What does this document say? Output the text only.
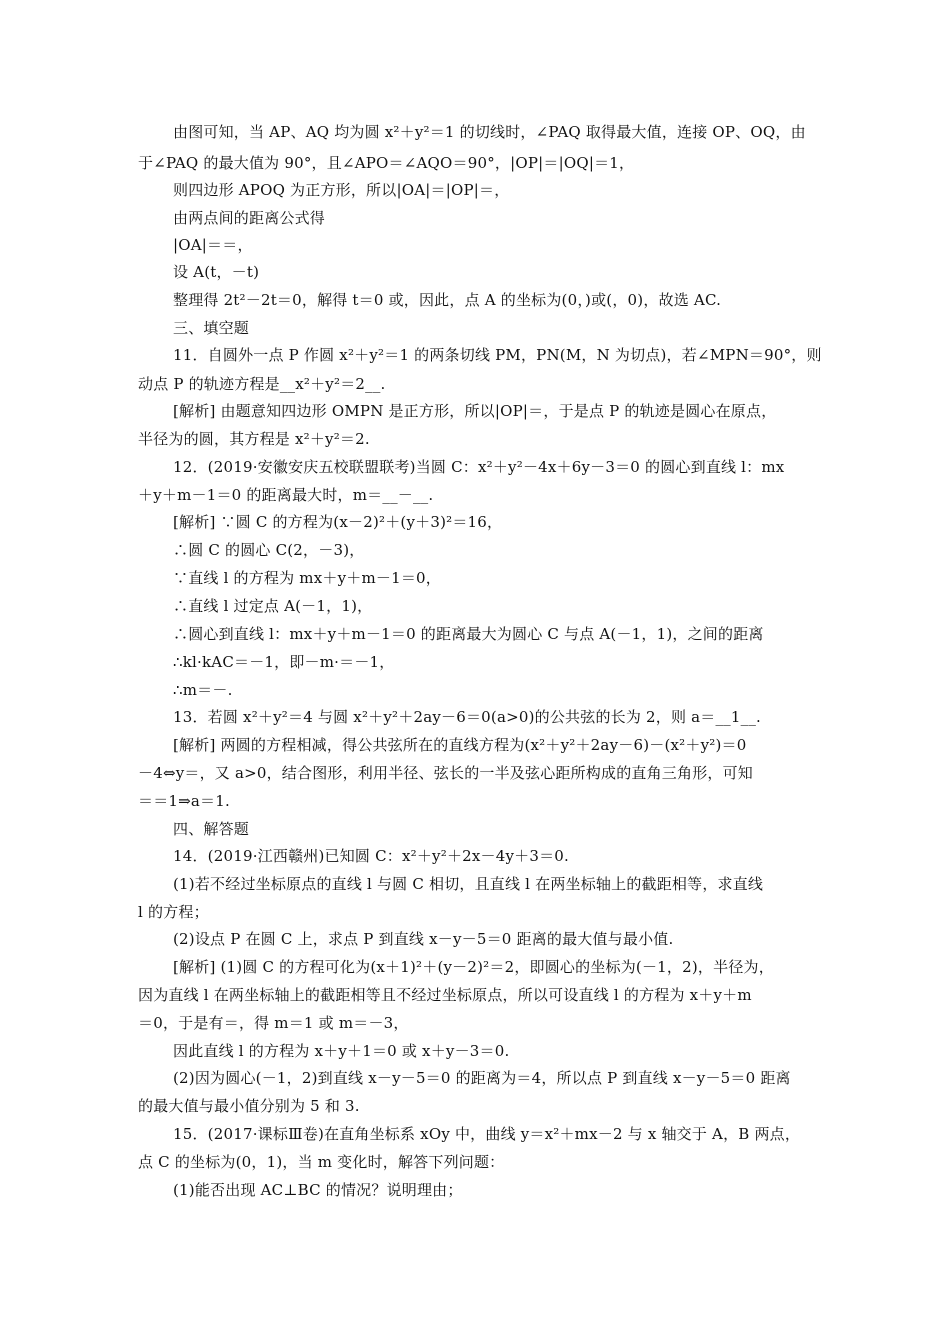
由图可知，当 AP、AQ 均为圆 x²＋y²＝1 的切线时，∠PAQ 取得最大值，连接 OP、OQ，由
于∠PAQ 的最大值为 90°，且∠APO＝∠AQO＝90°，|OP|＝|OQ|＝1，
则四边形 APOQ 为正方形，所以|OA|＝|OP|＝，
由两点间的距离公式得
|OA|＝＝，
设 A(t，－t)
整理得 2t²－2t＝0，解得 t＝0 或，因此，点 A 的坐标为(0，)或(，0)，故选 AC.
三、填空题
11．自圆外一点 P 作圆 x²＋y²＝1 的两条切线 PM，PN(M，N 为切点)，若∠MPN＝90°，则
动点 P 的轨迹方程是__x²＋y²＝2__.
[解析] 由题意知四边形 OMPN 是正方形，所以|OP|＝，于是点 P 的轨迹是圆心在原点，
半径为的圆，其方程是 x²＋y²＝2.
12．(2019·安徽安庆五校联盟联考)当圆 C：x²＋y²－4x＋6y－3＝0 的圆心到直线 l：mx
＋y＋m－1＝0 的距离最大时，m＝__－__.
[解析] ∵圆 C 的方程为(x－2)²＋(y＋3)²＝16，
∴圆 C 的圆心 C(2，－3)，
∵直线 l 的方程为 mx＋y＋m－1＝0，
∴直线 l 过定点 A(－1，1)，
∴圆心到直线 l：mx＋y＋m－1＝0 的距离最大为圆心 C 与点 A(－1，1)，之间的距离
∴kl·kAC＝－1，即－m·＝－1，
∴m＝－.
13．若圆 x²＋y²＝4 与圆 x²＋y²＋2ay－6＝0(a>0)的公共弦的长为 2，则 a＝__1__.
[解析] 两圆的方程相减，得公共弦所在的直线方程为(x²＋y²＋2ay－6)－(x²＋y²)＝0
－4⇔y＝，又 a>0，结合图形，利用半径、弦长的一半及弦心距所构成的直角三角形，可知
＝＝1⇒a＝1.
四、解答题
14．(2019·江西赣州)已知圆 C：x²＋y²＋2x－4y＋3＝0.
(1)若不经过坐标原点的直线 l 与圆 C 相切，且直线 l 在两坐标轴上的截距相等，求直线
l 的方程；
(2)设点 P 在圆 C 上，求点 P 到直线 x－y－5＝0 距离的最大值与最小值.
[解析] (1)圆 C 的方程可化为(x＋1)²＋(y－2)²＝2，即圆心的坐标为(－1，2)，半径为，
因为直线 l 在两坐标轴上的截距相等且不经过坐标原点，所以可设直线 l 的方程为 x＋y＋m
＝0，于是有＝，得 m＝1 或 m＝－3，
因此直线 l 的方程为 x＋y＋1＝0 或 x＋y－3＝0.
(2)因为圆心(－1，2)到直线 x－y－5＝0 的距离为＝4，所以点 P 到直线 x－y－5＝0 距离
的最大值与最小值分别为 5 和 3.
15．(2017·课标Ⅲ卷)在直角坐标系 xOy 中，曲线 y＝x²＋mx－2 与 x 轴交于 A，B 两点，
点 C 的坐标为(0，1)，当 m 变化时，解答下列问题：
(1)能否出现 AC⊥BC 的情况？说明理由；
